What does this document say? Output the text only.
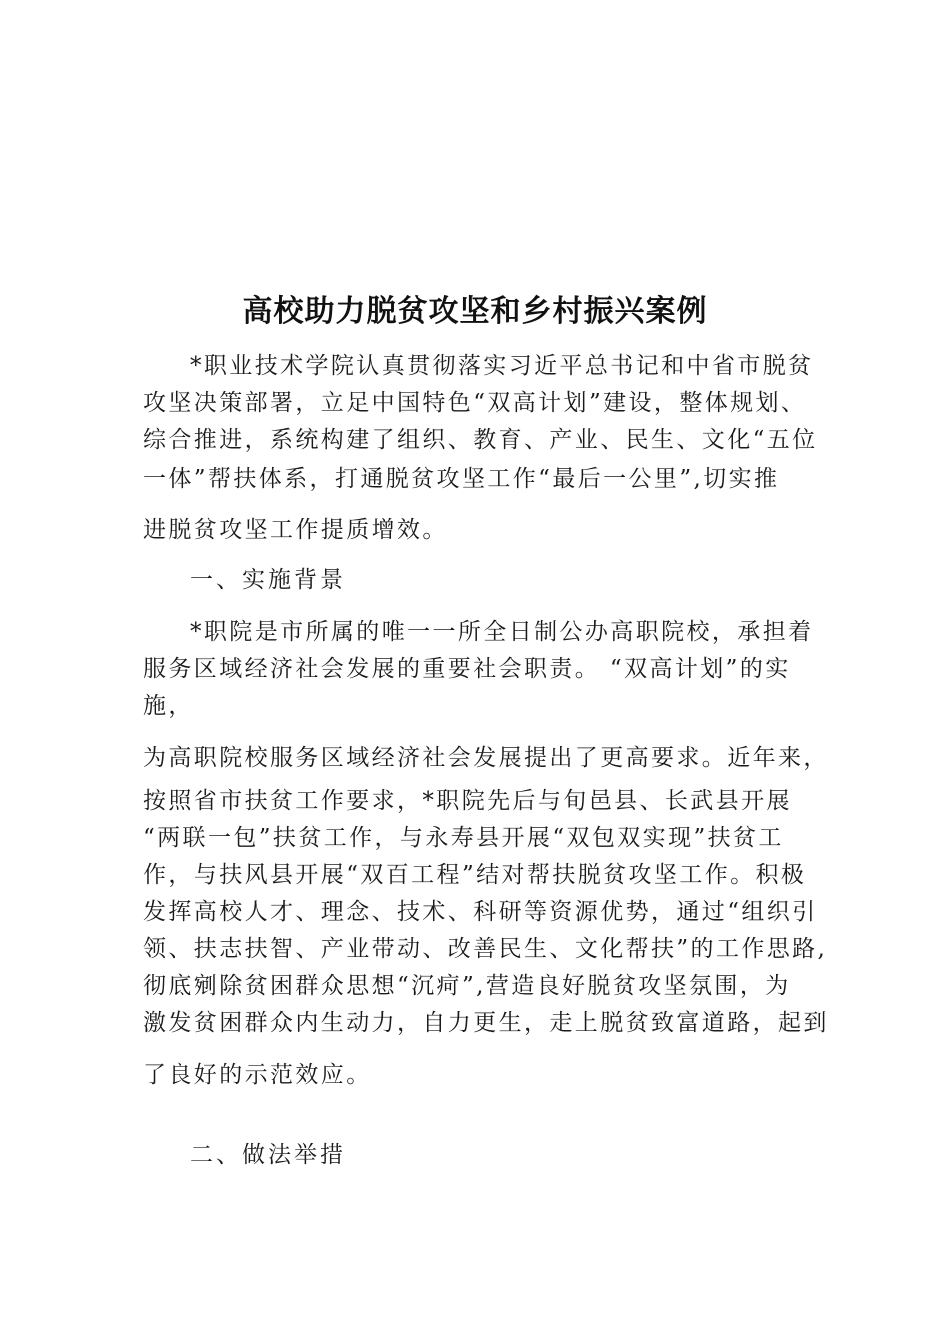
高校助力脱贫攻坚和乡村振兴案例
*职业技术学院认真贯彻落实习近平总书记和中省市脱贫
攻坚决策部署，立足中国特色“双高计划”建设，整体规划、
综合推进，系统构建了组织、教育、产业、民生、文化“五位
一体”帮扶体系，打通脱贫攻坚工作“最后一公里”,切实推
进脱贫攻坚工作提质增效。
一、实施背景
*职院是市所属的唯一一所全日制公办高职院校，承担着
服务区域经济社会发展的重要社会职责。 “双高计划”的实
施，
为高职院校服务区域经济社会发展提出了更高要求。近年来，
按照省市扶贫工作要求，*职院先后与旬邑县、长武县开展
“两联一包”扶贫工作，与永寿县开展“双包双实现”扶贫工
作，与扶风县开展“双百工程”结对帮扶脱贫攻坚工作。积极
发挥高校人才、理念、技术、科研等资源优势，通过“组织引
领、扶志扶智、产业带动、改善民生、文化帮扶”的工作思路,
彻底剜除贫困群众思想“沉疴”,营造良好脱贫攻坚氛围，为
激发贫困群众内生动力，自力更生，走上脱贫致富道路，起到
了良好的示范效应。
二、做法举措
